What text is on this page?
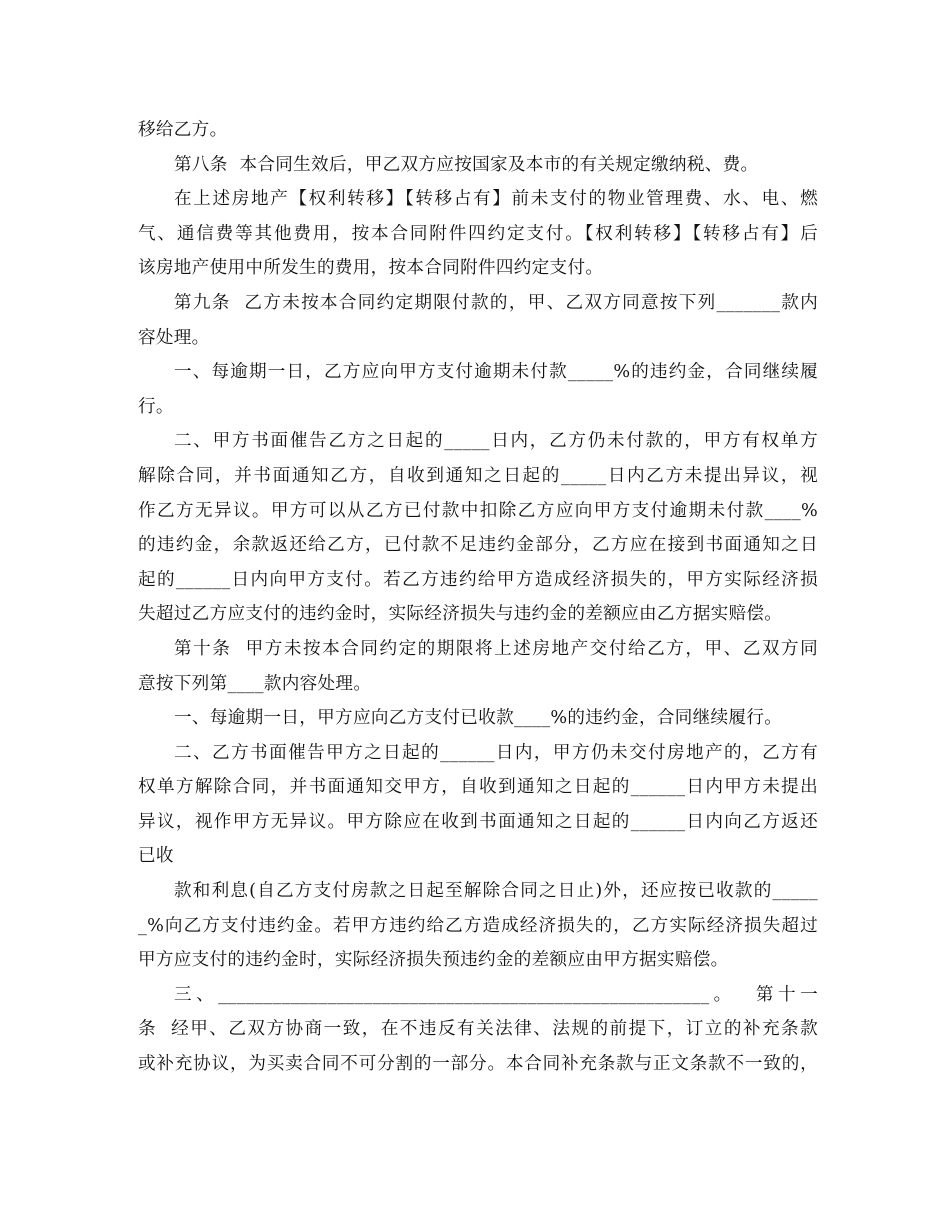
移给乙方。
第八条  本合同生效后，甲乙双方应按国家及本市的有关规定缴纳税、费。
在上述房地产【权利转移】【转移占有】前未支付的物业管理费、水、电、燃
气、通信费等其他费用，按本合同附件四约定支付。【权利转移】【转移占有】后
该房地产使用中所发生的费用，按本合同附件四约定支付。
第九条  乙方未按本合同约定期限付款的，甲、乙双方同意按下列_______款内
容处理。
一、每逾期一日，乙方应向甲方支付逾期未付款_____%的违约金，合同继续履
行。
二、甲方书面催告乙方之日起的_____日内，乙方仍未付款的，甲方有权单方
解除合同，并书面通知乙方，自收到通知之日起的_____日内乙方未提出异议，视
作乙方无异议。甲方可以从乙方已付款中扣除乙方应向甲方支付逾期未付款____%
的违约金，余款返还给乙方，已付款不足违约金部分，乙方应在接到书面通知之日
起的______日内向甲方支付。若乙方违约给甲方造成经济损失的，甲方实际经济损
失超过乙方应支付的违约金时，实际经济损失与违约金的差额应由乙方据实赔偿。
第十条  甲方未按本合同约定的期限将上述房地产交付给乙方，甲、乙双方同
意按下列第____款内容处理。
一、每逾期一日，甲方应向乙方支付已收款____%的违约金，合同继续履行。
二、乙方书面催告甲方之日起的______日内，甲方仍未交付房地产的，乙方有
权单方解除合同，并书面通知交甲方，自收到通知之日起的______日内甲方未提出
异议，视作甲方无异议。甲方除应在收到书面通知之日起的______日内向乙方返还
已收
款和利息(自乙方支付房款之日起至解除合同之日止)外，还应按已收款的_____
_%向乙方支付违约金。若甲方违约给乙方造成经济损失的，乙方实际经济损失超过
甲方应支付的违约金时，实际经济损失预违约金的差额应由甲方据实赔偿。
三、______________________________________________________。  第十一
条  经甲、乙双方协商一致，在不违反有关法律、法规的前提下，订立的补充条款
或补充协议，为买卖合同不可分割的一部分。本合同补充条款与正文条款不一致的，
